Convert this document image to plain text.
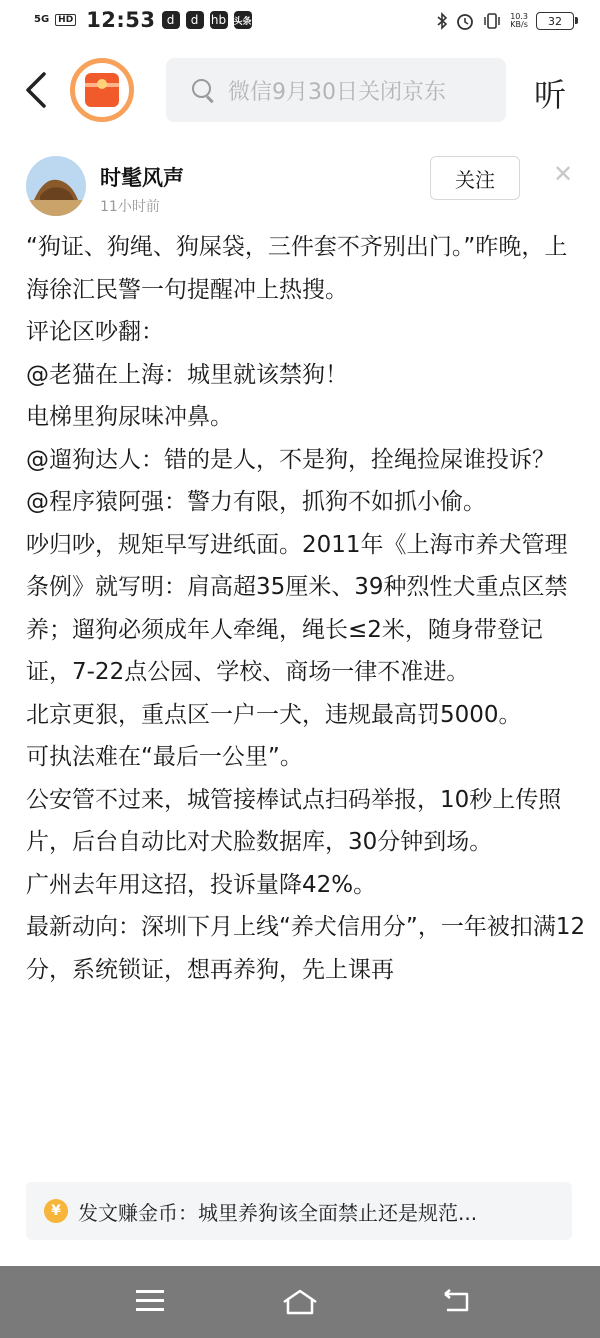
5G	HD 12:53 d	d	hb 头条	10.3
KB/s 32
微信9月30日关闭京东	听
时髦风声
11小时前
关注	✕

“狗证、狗绳、狗屎袋，三件套不齐别出门。”昨晚，上海徐汇民警一句提醒冲上热搜。

评论区吵翻：

@老猫在上海：城里就该禁狗！

电梯里狗尿味冲鼻。

@遛狗达人：错的是人，不是狗，拴绳捡屎谁投诉？

@程序猿阿强：警力有限，抓狗不如抓小偷。

吵归吵，规矩早写进纸面。2011年《上海市养犬管理条例》就写明：肩高超35厘米、39种烈性犬重点区禁养；遛狗必须成年人牵绳，绳长≤2米，随身带登记证，7-22点公园、学校、商场一律不准进。

北京更狠，重点区一户一犬，违规最高罚5000。

可执法难在“最后一公里”。

公安管不过来，城管接棒试点扫码举报，10秒上传照片，后台自动比对犬脸数据库，30分钟到场。

广州去年用这招，投诉量降42%。

最新动向：深圳下月上线“养犬信用分”，一年被扣满12分，系统锁证，想再养狗，先上课再

¥ 发文赚金币：城里养狗该全面禁止还是规范...
